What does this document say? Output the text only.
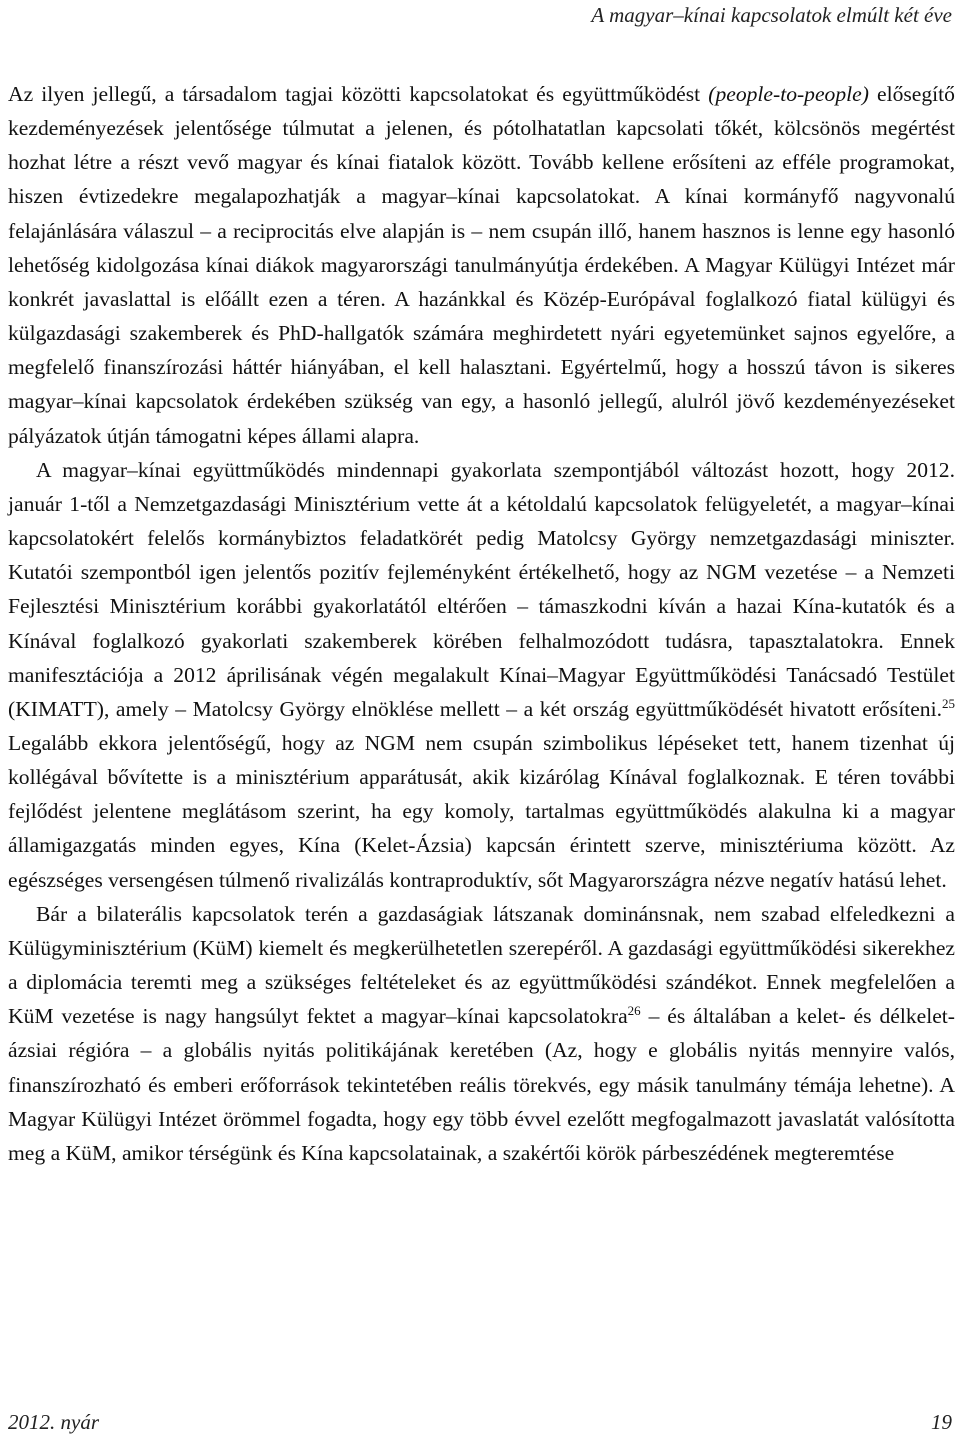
A magyar–kínai kapcsolatok elmúlt két éve

Az ilyen jellegű, a társadalom tagjai közötti kapcsolatokat és együttműködést (people-to-people) elősegítő kezdeményezések jelentősége túlmutat a jelenen, és pótolhatatlan kapcsolati tőkét, kölcsönös megértést hozhat létre a részt vevő magyar és kínai fiatalok között. Tovább kellene erősíteni az efféle programokat, hiszen évtizedekre megalapozhatják a magyar–kínai kapcsolatokat. A kínai kormányfő nagyvonalú felajánlására válaszul – a reciprocitás elve alapján is – nem csupán illő, hanem hasznos is lenne egy hasonló lehetőség kidolgozása kínai diákok magyarországi tanulmányútja érdekében. A Magyar Külügyi Intézet már konkrét javaslattal is előállt ezen a téren. A hazánkkal és Közép-Európával foglalkozó fiatal külügyi és külgazdasági szakemberek és PhD-hallgatók számára meghirdetett nyári egyetemünket sajnos egyelőre, a megfelelő finanszírozási háttér hiányában, el kell halasztani. Egyértelmű, hogy a hosszú távon is sikeres magyar–kínai kapcsolatok érdekében szükség van egy, a hasonló jellegű, alulról jövő kezdeményezéseket pályázatok útján támogatni képes állami alapra.

A magyar–kínai együttműködés mindennapi gyakorlata szempontjából változást hozott, hogy 2012. január 1-től a Nemzetgazdasági Minisztérium vette át a kétoldalú kapcsolatok felügyeletét, a magyar–kínai kapcsolatokért felelős kormánybiztos feladatkörét pedig Matolcsy György nemzetgazdasági miniszter. Kutatói szempontból igen jelentős pozitív fejleményként értékelhető, hogy az NGM vezetése – a Nemzeti Fejlesztési Minisztérium korábbi gyakorlatától eltérően – támaszkodni kíván a hazai Kína-kutatók és a Kínával foglalkozó gyakorlati szakemberek körében felhalmozódott tudásra, tapasztalatokra. Ennek manifesztációja a 2012 áprilisának végén megalakult Kínai–Magyar Együttműködési Tanácsadó Testület (KIMATT), amely – Matolcsy György elnöklése mellett – a két ország együttműködését hivatott erősíteni.$^{25}$ Legalább ekkora jelentőségű, hogy az NGM nem csupán szimbolikus lépéseket tett, hanem tizenhat új kollégával bővítette is a minisztérium apparátusát, akik kizárólag Kínával foglalkoznak. E téren további fejlődést jelentene meglátásom szerint, ha egy komoly, tartalmas együttműködés alakulna ki a magyar államigazgatás minden egyes, Kína (Kelet-Ázsia) kapcsán érintett szerve, minisztériuma között. Az egészséges versengésen túlmenő rivalizálás kontraproduktív, sőt Magyarországra nézve negatív hatású lehet.

Bár a bilaterális kapcsolatok terén a gazdaságiak látszanak dominánsnak, nem szabad elfeledkezni a Külügyminisztérium (KüM) kiemelt és megkerülhetetlen szerepéről. A gazdasági együttműködési sikerekhez a diplomácia teremti meg a szükséges feltételeket és az együttműködési szándékot. Ennek megfelelően a KüM vezetése is nagy hangsúlyt fektet a magyar–kínai kapcsolatokra$^{26}$ – és általában a kelet- és délkelet-ázsiai régióra – a globális nyitás politikájának keretében (Az, hogy e globális nyitás mennyire valós, finanszírozható és emberi erőforrások tekintetében reális törekvés, egy másik tanulmány témája lehetne). A Magyar Külügyi Intézet örömmel fogadta, hogy egy több évvel ezelőtt megfogalmazott javaslatát valósította meg a KüM, amikor térségünk és Kína kapcsolatainak, a szakértői körök párbeszédének megteremtése

2012. nyár	19
